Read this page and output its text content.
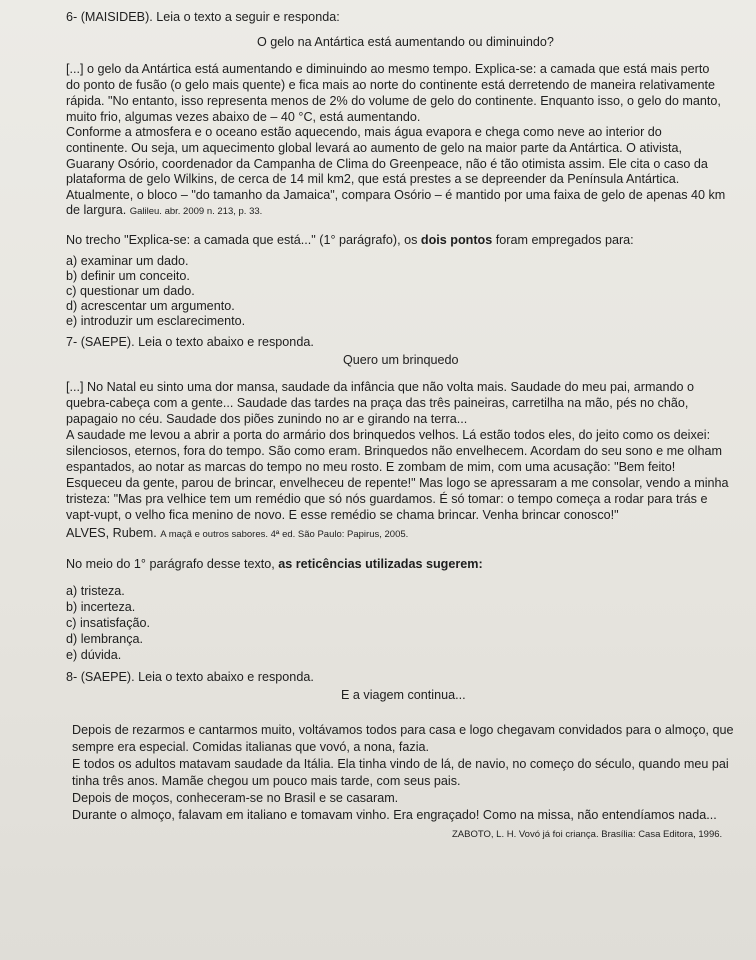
6- (MAISIDEB). Leia o texto a seguir e responda:
O gelo na Antártica está aumentando ou diminuindo?
[...] o gelo da Antártica está aumentando e diminuindo ao mesmo tempo. Explica-se: a camada que está mais perto
do ponto de fusão (o gelo mais quente) e fica mais ao norte do continente está derretendo de maneira relativamente
rápida. "No entanto, isso representa menos de 2% do volume de gelo do continente. Enquanto isso, o gelo do manto,
muito frio, algumas vezes abaixo de – 40 °C, está aumentando.
Conforme a atmosfera e o oceano estão aquecendo, mais água evapora e chega como neve ao interior do
continente. Ou seja, um aquecimento global levará ao aumento de gelo na maior parte da Antártica. O ativista,
Guarany Osório, coordenador da Campanha de Clima do Greenpeace, não é tão otimista assim. Ele cita o caso da
plataforma de gelo Wilkins, de cerca de 14 mil km2, que está prestes a se depreender da Península Antártica.
Atualmente, o bloco – "do tamanho da Jamaica", compara Osório – é mantido por uma faixa de gelo de apenas 40 km
de largura. Galileu. abr. 2009 n. 213, p. 33.
No trecho "Explica-se: a camada que está..." (1° parágrafo), os dois pontos foram empregados para:
a) examinar um dado.
b) definir um conceito.
c) questionar um dado.
d) acrescentar um argumento.
e) introduzir um esclarecimento.
7- (SAEPE). Leia o texto abaixo e responda.
Quero um brinquedo
[...] No Natal eu sinto uma dor mansa, saudade da infância que não volta mais. Saudade do meu pai, armando o
quebra-cabeça com a gente... Saudade das tardes na praça das três paineiras, carretilha na mão, pés no chão,
papagaio no céu. Saudade dos piões zunindo no ar e girando na terra...
A saudade me levou a abrir a porta do armário dos brinquedos velhos. Lá estão todos eles, do jeito como os deixei:
silenciosos, eternos, fora do tempo. São como eram. Brinquedos não envelhecem. Acordam do seu sono e me olham
espantados, ao notar as marcas do tempo no meu rosto. E zombam de mim, com uma acusação: "Bem feito!
Esqueceu da gente, parou de brincar, envelheceu de repente!" Mas logo se apressaram a me consolar, vendo a minha
tristeza: "Mas pra velhice tem um remédio que só nós guardamos. É só tomar: o tempo começa a rodar para trás e
vapt-vupt, o velho fica menino de novo. E esse remédio se chama brincar. Venha brincar conosco!"
ALVES, Rubem. A maçã e outros sabores. 4ª ed. São Paulo: Papirus, 2005.
No meio do 1° parágrafo desse texto, as reticências utilizadas sugerem:
a) tristeza.
b) incerteza.
c) insatisfação.
d) lembrança.
e) dúvida.
8- (SAEPE). Leia o texto abaixo e responda.
E a viagem continua...
Depois de rezarmos e cantarmos muito, voltávamos todos para casa e logo chegavam convidados para o almoço, que
sempre era especial. Comidas italianas que vovó, a nona, fazia.
E todos os adultos matavam saudade da Itália. Ela tinha vindo de lá, de navio, no começo do século, quando meu pai
tinha três anos. Mamãe chegou um pouco mais tarde, com seus pais.
Depois de moços, conheceram-se no Brasil e se casaram.
Durante o almoço, falavam em italiano e tomavam vinho. Era engraçado! Como na missa, não entendíamos nada...
ZABOTO, L. H. Vovó já foi criança. Brasília: Casa Editora, 1996.
